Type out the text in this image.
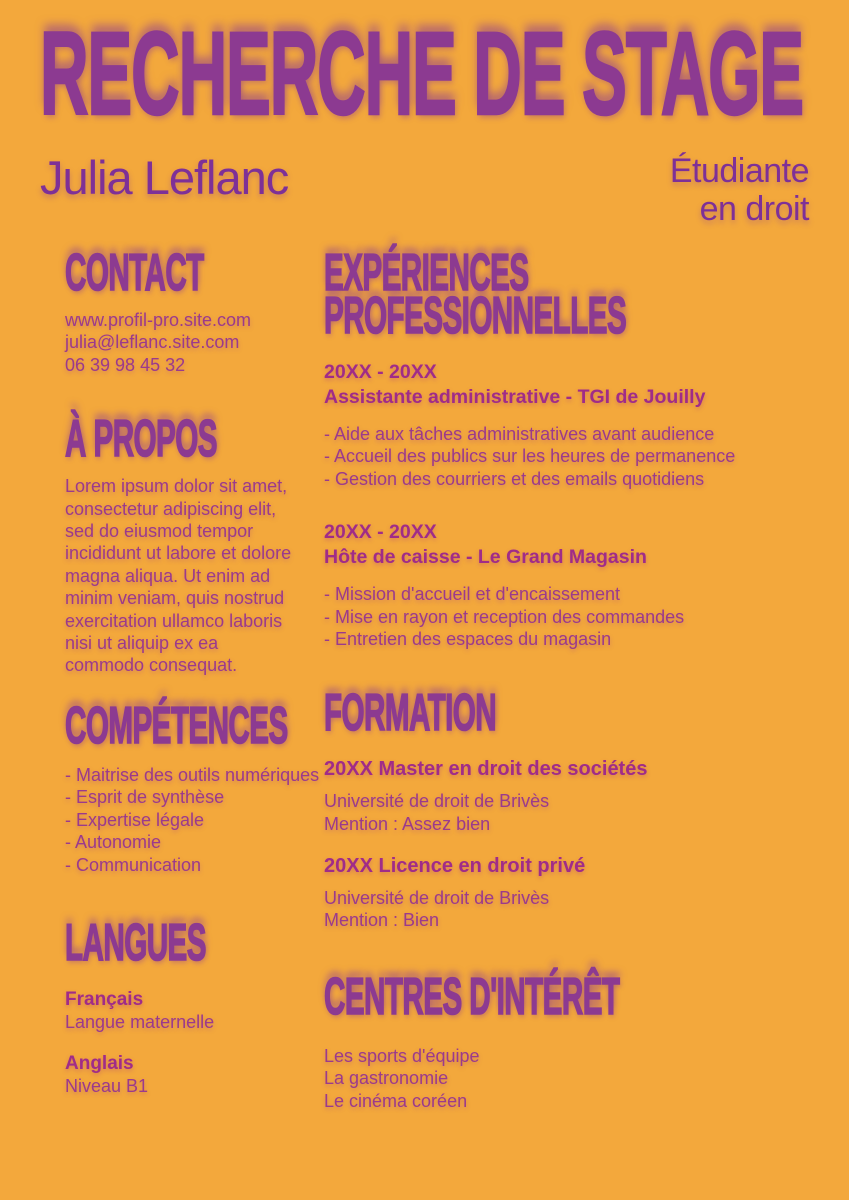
RECHERCHE DE STAGE
Julia Leflanc	Étudiante
en droit
CONTACT
www.profil-pro.site.com
julia@leflanc.site.com
06 39 98 45 32
À PROPOS

Lorem ipsum dolor sit amet, consectetur adipiscing elit, sed do eiusmod tempor incididunt ut labore et dolore magna aliqua. Ut enim ad minim veniam, quis nostrud exercitation ullamco laboris nisi ut aliquip ex ea commodo consequat.

COMPÉTENCES
- Maitrise des outils numériques
- Esprit de synthèse
- Expertise légale
- Autonomie
- Communication
LANGUES
Français
Langue maternelle
Anglais
Niveau B1
EXPÉRIENCES
PROFESSIONNELLES
20XX - 20XX
Assistante administrative - TGI de Jouilly
- Aide aux tâches administratives avant audience
- Accueil des publics sur les heures de permanence
- Gestion des courriers et des emails quotidiens
20XX - 20XX
Hôte de caisse - Le Grand Magasin
- Mission d'accueil et d'encaissement
- Mise en rayon et reception des commandes
- Entretien des espaces du magasin
FORMATION
20XX Master en droit des sociétés
Université de droit de Brivès
Mention : Assez bien
20XX Licence en droit privé
Université de droit de Brivès
Mention : Bien
CENTRES D'INTÉRÊT
Les sports d'équipe
La gastronomie
Le cinéma coréen
